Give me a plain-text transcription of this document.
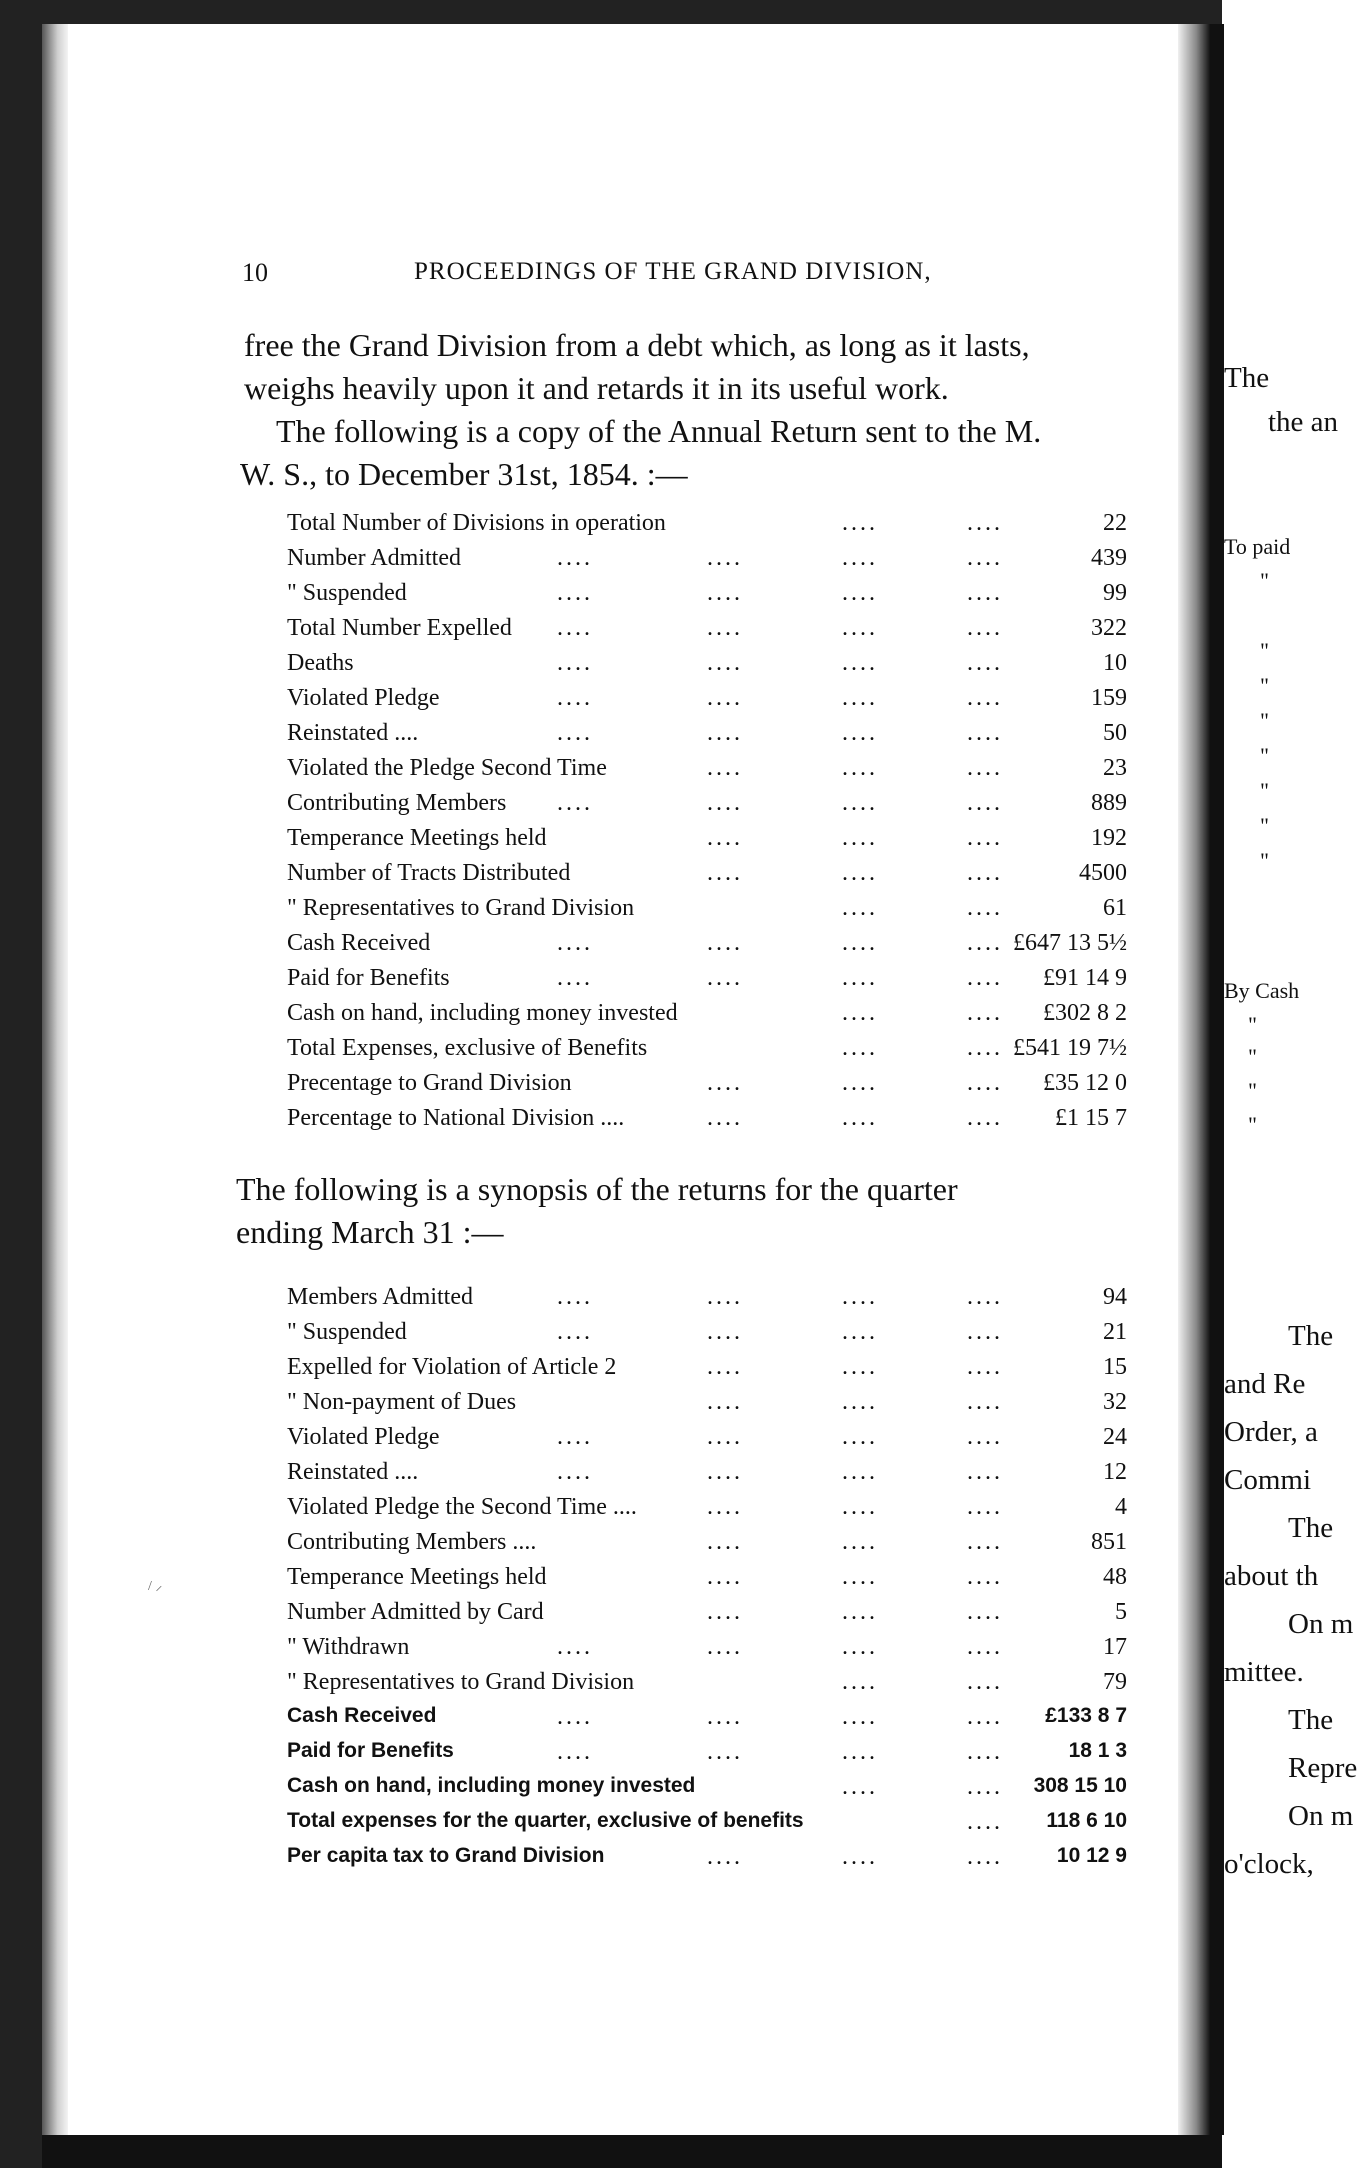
10	PROCEEDINGS OF THE GRAND DIVISION,
free the Grand Division from a debt which, as long as it lasts,
weighs heavily upon it and retards it in its useful work.
The following is a copy of the Annual Return sent to the M.
W. S., to December 31st, 1854. :—
Total Number of Divisions in operation	....	....	22
Number Admitted	....	....	....	....	439
" Suspended	....	....	....	....	99
Total Number Expelled ....	....	....	....	322
Deaths	....	....	....	....	10
Violated Pledge	....	....	....	....	159
Reinstated ....	....	....	....	....	50
Violated the Pledge Second Time	....	....	....	23
Contributing Members ....	....	....	....	889
Temperance Meetings held	....	....	....	192
Number of Tracts Distributed	....	....	....	4500
" Representatives to Grand Division	....	....	61
Cash Received	....	....	....	.... £647 13 5½
Paid for Benefits	....	....	....	.... £91 14 9
Cash on hand, including money invested	....	.... £302 8 2
Total Expenses, exclusive of Benefits	....	.... £541 19 7½
Precentage to Grand Division	....	....	.... £35 12 0
Percentage to National Division ....	....	....	.... £1 15 7
The following is a synopsis of the returns for the quarter
ending March 31 :—
Members Admitted	....	....	....	....	94
" Suspended	....	....	....	....	21
Expelled for Violation of Article 2	....	....	....	15
" Non-payment of Dues	....	....	....	32
Violated Pledge	....	....	....	....	24
Reinstated ....	....	....	....	....	12
Violated Pledge the Second Time ....	....	....	....	4
Contributing Members ....	....	....	....	851
Temperance Meetings held	....	....	....	48
Number Admitted by Card	....	....	....	5
" Withdrawn	....	....	....	....	17
" Representatives to Grand Division	....	....	79
Cash Received	....	....	....	.... £133 8 7
Paid for Benefits	....	....	....	....	18 1 3
Cash on hand, including money invested	....	.... 308 15 10
Total expenses for the quarter, exclusive of benefits	.... 118 6 10
Per capita tax to Grand Division	....	....	....	10 12 9
/ ⸝
The
the an
To paid
"
"
"
"
"
"
"
"
By Cash
"
"
"
"
The
and Re
Order, a
Commi
The
about th
On m
mittee.
The
Repre
On m
o'clock,
